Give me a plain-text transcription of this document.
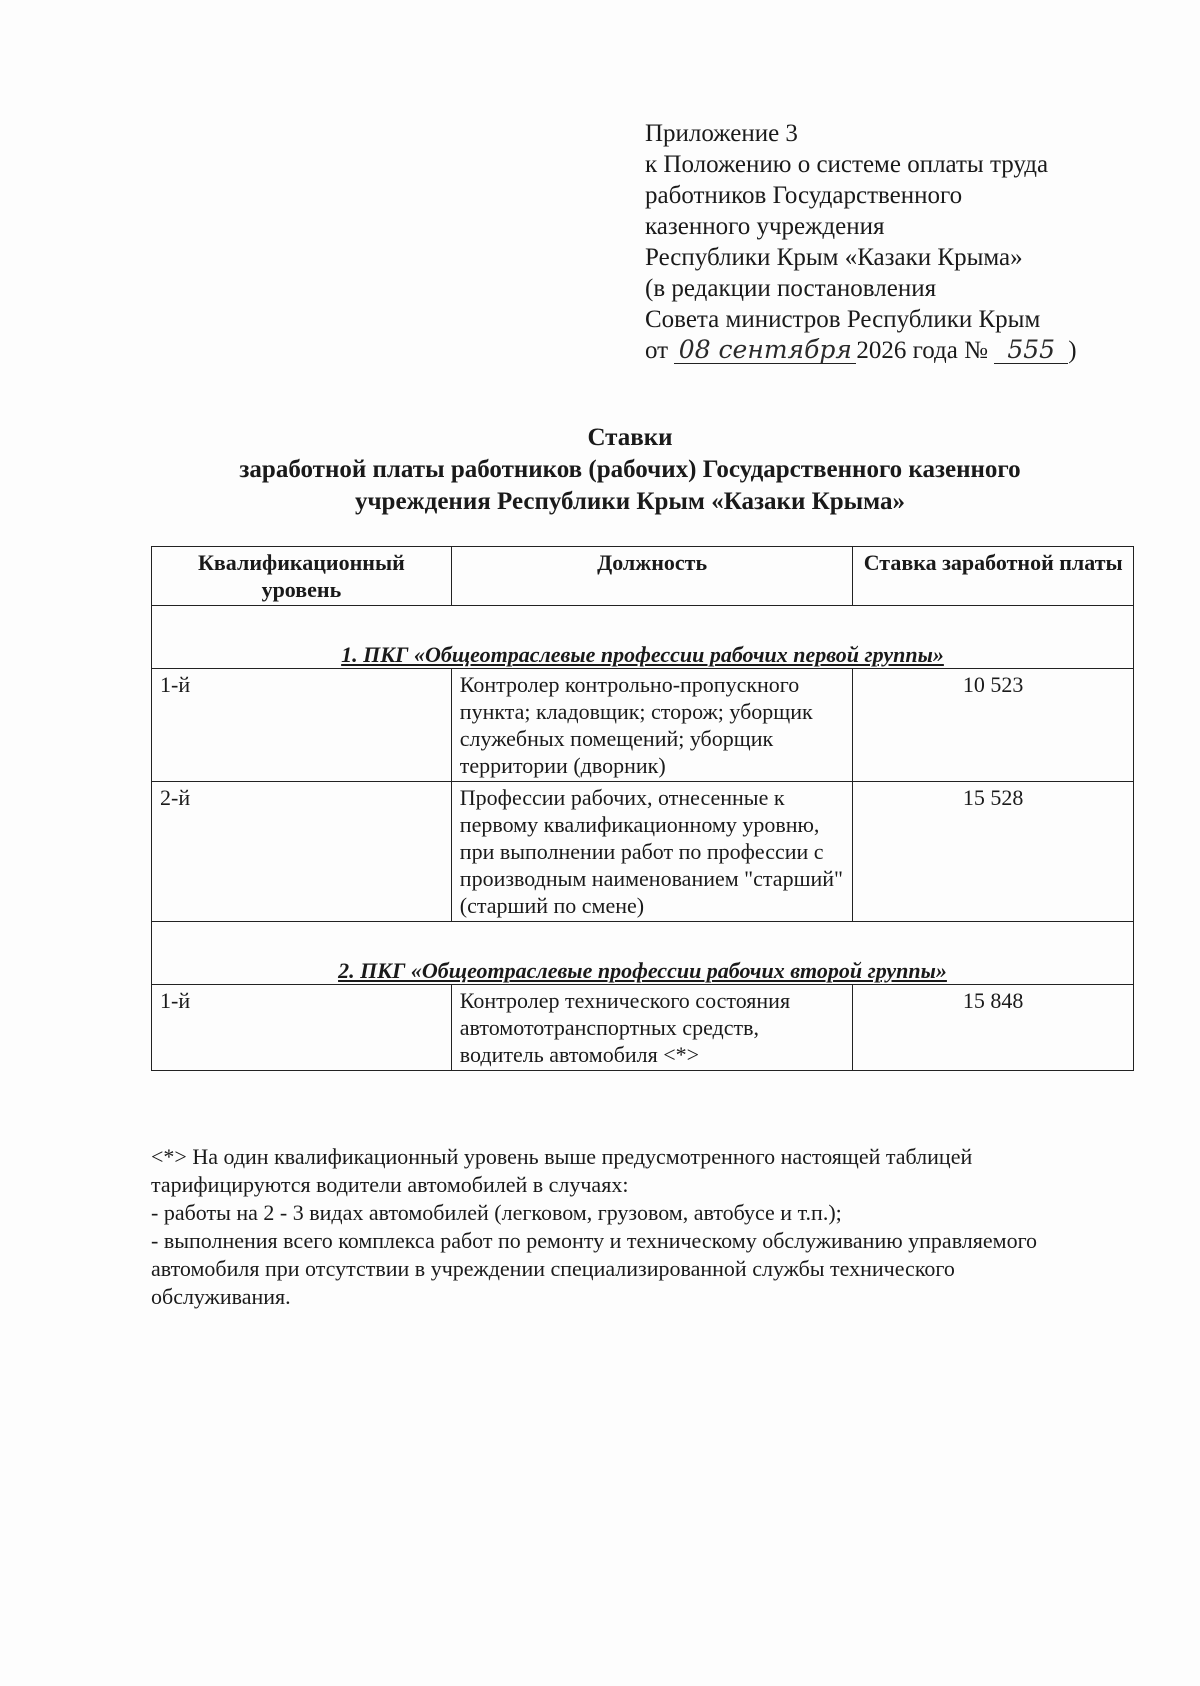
Приложение 3
к Положению о системе оплаты труда
работников Государственного
казенного учреждения
Республики Крым «Казаки Крыма»
(в редакции постановления
Совета министров Республики Крым
от 08 сентября 2026 года № 555 )
Ставки
заработной платы работников (рабочих) Государственного казенного
учреждения Республики Крым «Казаки Крыма»
Квалификационный уровень	Должность	Ставка заработной платы
1. ПКГ «Общеотраслевые профессии рабочих первой группы»		
1-й	Контролер контрольно-пропускного пункта; кладовщик; сторож; уборщик служебных помещений; уборщик территории (дворник)	10 523
2-й	Профессии рабочих, отнесенные к первому квалификационному уровню, при выполнении работ по профессии с производным наименованием "старший" (старший по смене)	15 528
2. ПКГ «Общеотраслевые профессии рабочих второй группы»		
1-й	Контролер технического состояния автомототранспортных средств, водитель автомобиля <*>	15 848

<*> На один квалификационный уровень выше предусмотренного настоящей таблицей тарифицируются водители автомобилей в случаях:

- работы на 2 - 3 видах автомобилей (легковом, грузовом, автобусе и т.п.);

- выполнения всего комплекса работ по ремонту и техническому обслуживанию управляемого автомобиля при отсутствии в учреждении специализированной службы технического обслуживания.
